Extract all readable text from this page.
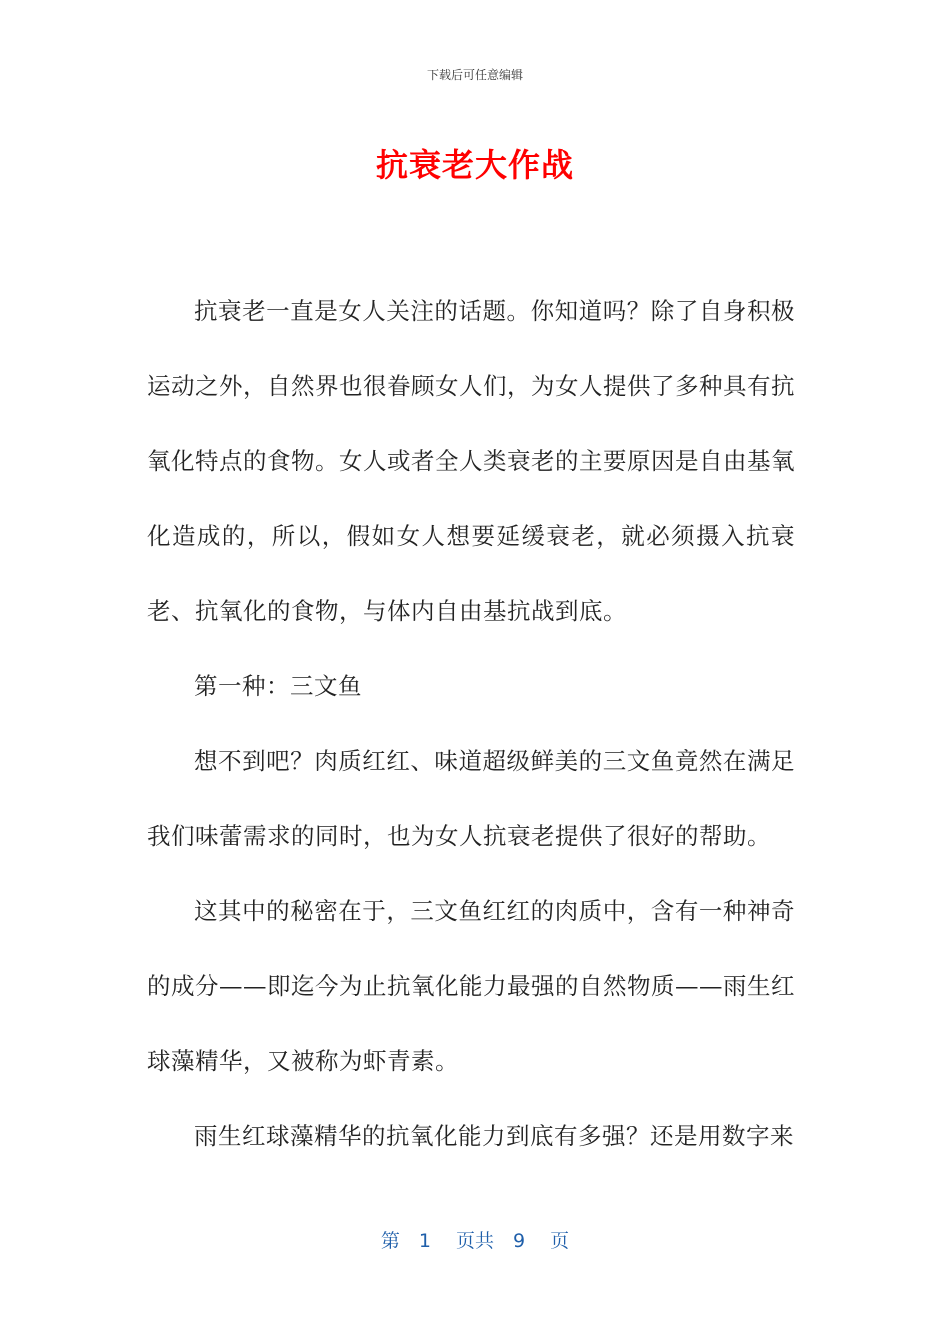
下载后可任意编辑
抗衰老大作战

抗衰老一直是女人关注的话题。你知道吗？除了自身积极运动之外，自然界也很眷顾女人们，为女人提供了多种具有抗氧化特点的食物。女人或者全人类衰老的主要原因是自由基氧化造成的，所以，假如女人想要延缓衰老，就必须摄入抗衰老、抗氧化的食物，与体内自由基抗战到底。

第一种：三文鱼

想不到吧？肉质红红、味道超级鲜美的三文鱼竟然在满足我们味蕾需求的同时，也为女人抗衰老提供了很好的帮助。

这其中的秘密在于，三文鱼红红的肉质中，含有一种神奇的成分——即迄今为止抗氧化能力最强的自然物质——雨生红球藻精华，又被称为虾青素。

雨生红球藻精华的抗氧化能力到底有多强？还是用数字来

第　1　 页共　9　 页
